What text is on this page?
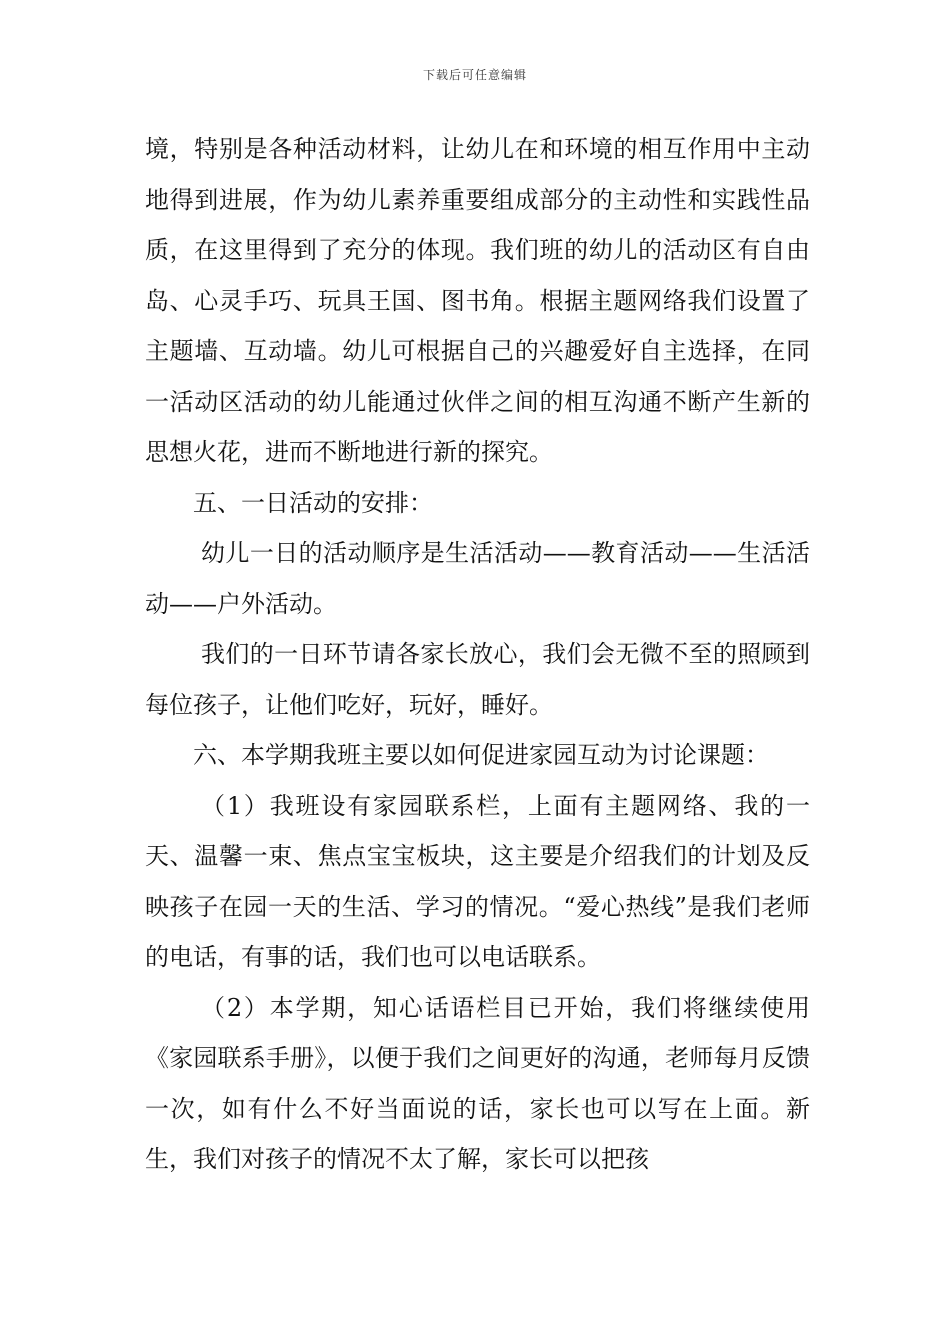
下载后可任意编辑

境，特别是各种活动材料，让幼儿在和环境的相互作用中主动地得到进展，作为幼儿素养重要组成部分的主动性和实践性品质，在这里得到了充分的体现。我们班的幼儿的活动区有自由岛、心灵手巧、玩具王国、图书角。根据主题网络我们设置了主题墙、互动墙。幼儿可根据自己的兴趣爱好自主选择，在同一活动区活动的幼儿能通过伙伴之间的相互沟通不断产生新的思想火花，进而不断地进行新的探究。

五、一日活动的安排：

幼儿一日的活动顺序是生活活动——教育活动——生活活动——户外活动。

我们的一日环节请各家长放心，我们会无微不至的照顾到每位孩子，让他们吃好，玩好，睡好。

六、本学期我班主要以如何促进家园互动为讨论课题：

（1）我班设有家园联系栏，上面有主题网络、我的一天、温馨一束、焦点宝宝板块，这主要是介绍我们的计划及反映孩子在园一天的生活、学习的情况。“爱心热线”是我们老师的电话，有事的话，我们也可以电话联系。

（2）本学期，知心话语栏目已开始，我们将继续使用《家园联系手册》，以便于我们之间更好的沟通，老师每月反馈一次，如有什么不好当面说的话，家长也可以写在上面。新生，我们对孩子的情况不太了解，家长可以把孩
